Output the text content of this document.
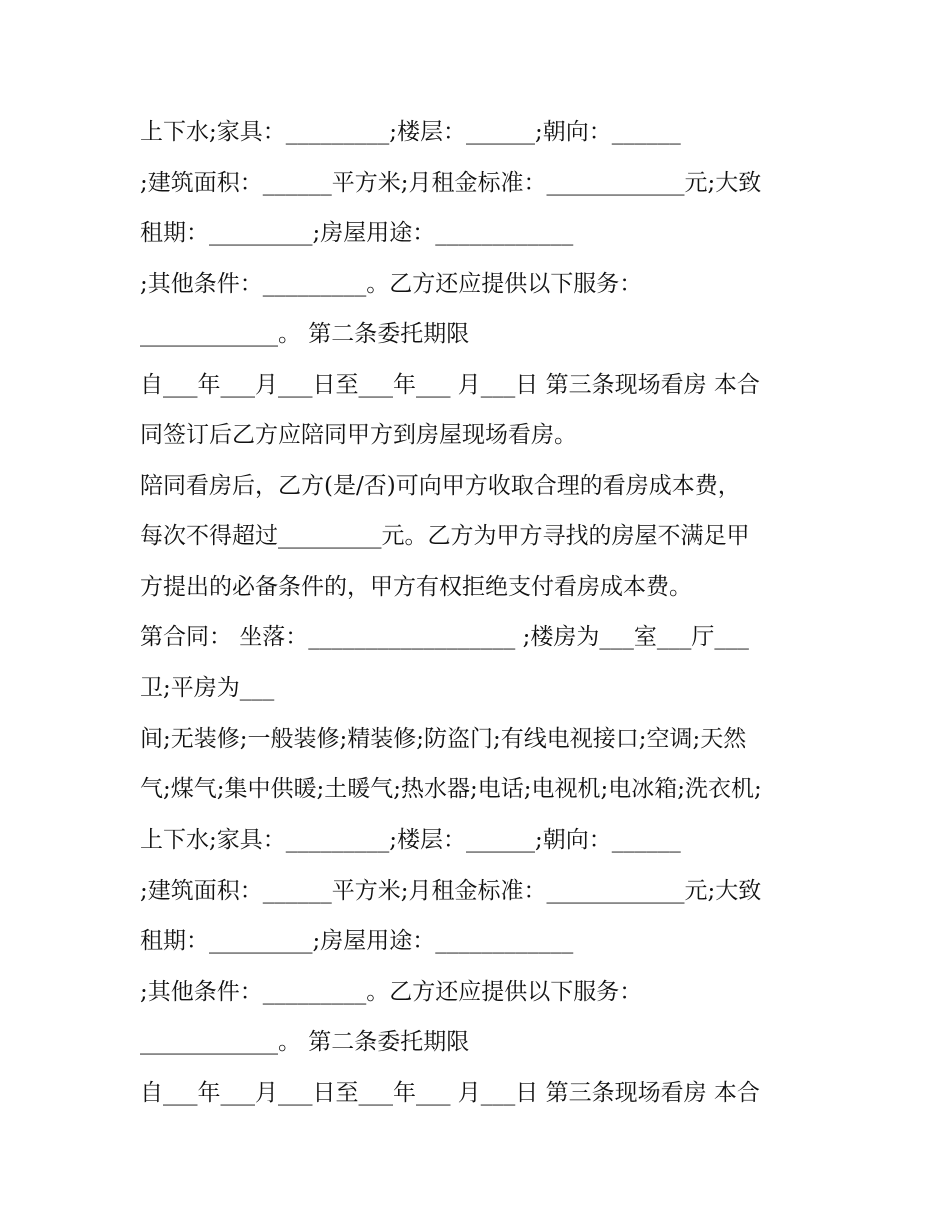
上下水;家具：_________;楼层：______;朝向：______
;建筑面积：______平方米;月租金标准：____________元;大致
租期：_________;房屋用途：____________
;其他条件：_________。乙方还应提供以下服务：
____________。 第二条委托期限
自___年___月___日至___年___ 月___日 第三条现场看房 本合
同签订后乙方应陪同甲方到房屋现场看房。
陪同看房后，乙方(是/否)可向甲方收取合理的看房成本费，
每次不得超过_________元。乙方为甲方寻找的房屋不满足甲
方提出的必备条件的，甲方有权拒绝支付看房成本费。
第合同： 坐落：__________________ ;楼房为___室___厅___
卫;平房为___
间;无装修;一般装修;精装修;防盗门;有线电视接口;空调;天然
气;煤气;集中供暖;土暖气;热水器;电话;电视机;电冰箱;洗衣机;
上下水;家具：_________;楼层：______;朝向：______
;建筑面积：______平方米;月租金标准：____________元;大致
租期：_________;房屋用途：____________
;其他条件：_________。乙方还应提供以下服务：
____________。 第二条委托期限
自___年___月___日至___年___ 月___日 第三条现场看房 本合
